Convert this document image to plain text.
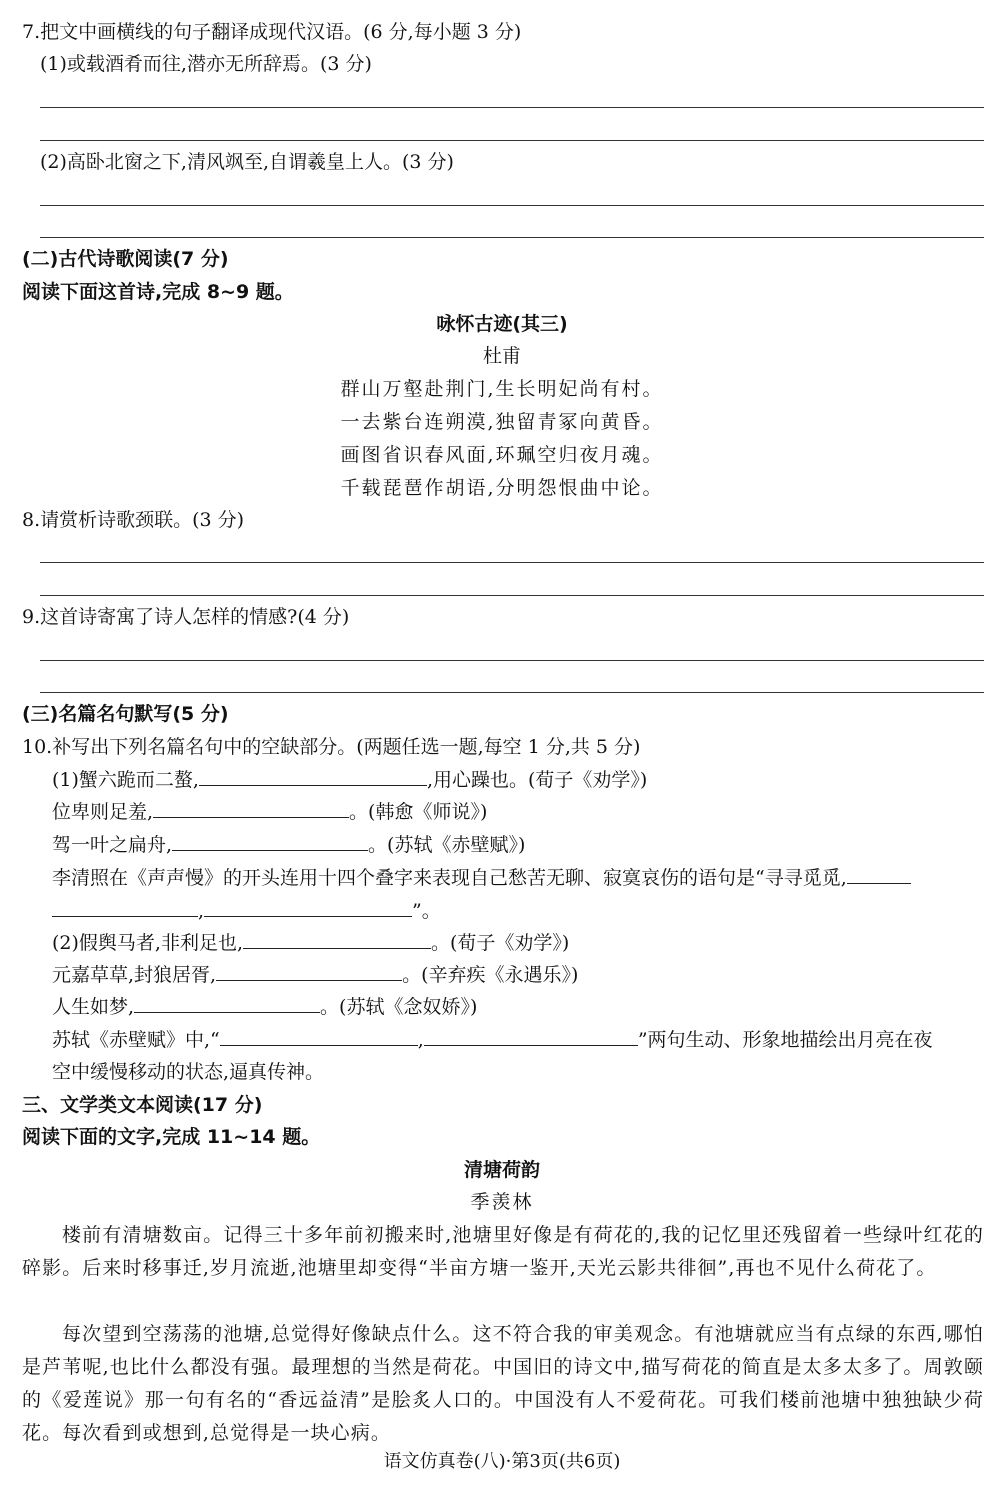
7.把文中画横线的句子翻译成现代汉语。(6 分,每小题 3 分)
(1)或载酒肴而往,潜亦无所辞焉。(3 分)
(2)高卧北窗之下,清风飒至,自谓羲皇上人。(3 分)
(二)古代诗歌阅读(7 分)
阅读下面这首诗,完成 8~9 题。
咏怀古迹(其三)
杜甫
群山万壑赴荆门,生长明妃尚有村。
一去紫台连朔漠,独留青冢向黄昏。
画图省识春风面,环珮空归夜月魂。
千载琵琶作胡语,分明怨恨曲中论。
8.请赏析诗歌颈联。(3 分)
9.这首诗寄寓了诗人怎样的情感?(4 分)
(三)名篇名句默写(5 分)
10.补写出下列名篇名句中的空缺部分。(两题任选一题,每空 1 分,共 5 分)
(1)蟹六跪而二螯,	,用心躁也。(荀子《劝学》)
位卑则足羞,	。(韩愈《师说》)
驾一叶之扁舟,	。(苏轼《赤壁赋》)
李清照在《声声慢》的开头连用十四个叠字来表现自己愁苦无聊、寂寞哀伤的语句是“寻寻觅觅,
,	”。
(2)假舆马者,非利足也,	。(荀子《劝学》)
元嘉草草,封狼居胥,	。(辛弃疾《永遇乐》)
人生如梦,	。(苏轼《念奴娇》)
苏轼《赤壁赋》中,“	,	”两句生动、形象地描绘出月亮在夜
空中缓慢移动的状态,逼真传神。
三、文学类文本阅读(17 分)
阅读下面的文字,完成 11~14 题。
清塘荷韵
季羡林
楼前有清塘数亩。记得三十多年前初搬来时,池塘里好像是有荷花的,我的记忆里还残留着一些绿叶红花的碎影。后来时移事迁,岁月流逝,池塘里却变得“半亩方塘一鉴开,天光云影共徘徊”,再也不见什么荷花了。
每次望到空荡荡的池塘,总觉得好像缺点什么。这不符合我的审美观念。有池塘就应当有点绿的东西,哪怕是芦苇呢,也比什么都没有强。最理想的当然是荷花。中国旧的诗文中,描写荷花的简直是太多太多了。周敦颐的《爱莲说》那一句有名的“香远益清”是脍炙人口的。中国没有人不爱荷花。可我们楼前池塘中独独缺少荷花。每次看到或想到,总觉得是一块心病。
语文仿真卷(八)·第3页(共6页)
